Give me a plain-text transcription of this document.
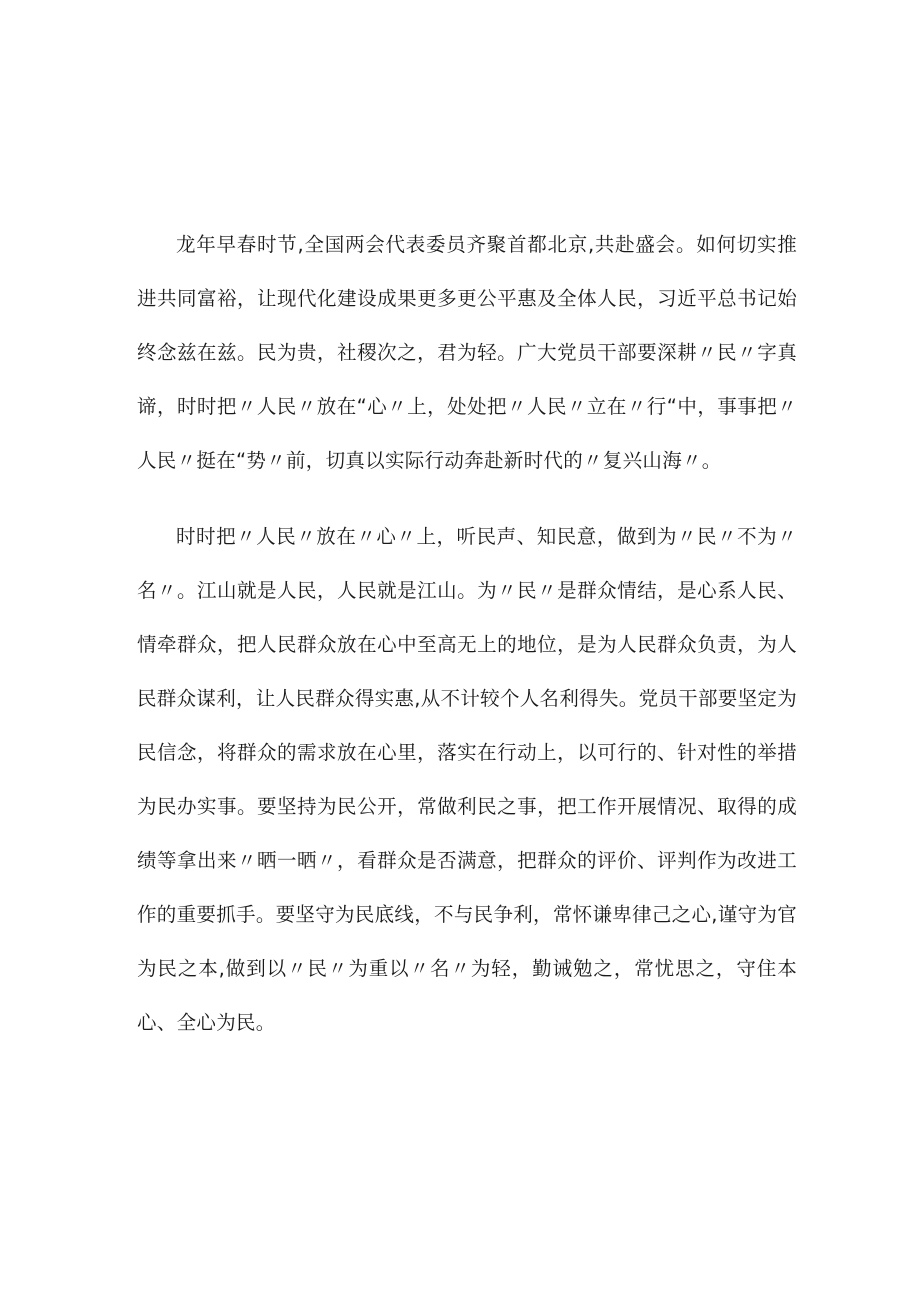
龙年早春时节,全国两会代表委员齐聚首都北京,共赴盛会。如何切实推进共同富裕，让现代化建设成果更多更公平惠及全体人民，习近平总书记始终念兹在兹。民为贵，社稷次之，君为轻。广大党员干部要深耕〃民〃字真谛，时时把〃人民〃放在“心〃上，处处把〃人民〃立在〃行“中，事事把〃人民〃挺在“势〃前，切真以实际行动奔赴新时代的〃复兴山海〃。

时时把〃人民〃放在〃心〃上，听民声、知民意，做到为〃民〃不为〃名〃。江山就是人民，人民就是江山。为〃民〃是群众情结，是心系人民、情牵群众，把人民群众放在心中至高无上的地位，是为人民群众负责，为人民群众谋利，让人民群众得实惠,从不计较个人名利得失。党员干部要坚定为民信念，将群众的需求放在心里，落实在行动上，以可行的、针对性的举措为民办实事。要坚持为民公开，常做利民之事，把工作开展情况、取得的成绩等拿出来〃晒一晒〃，看群众是否满意，把群众的评价、评判作为改进工作的重要抓手。要坚守为民底线，不与民争利，常怀谦卑律己之心,谨守为官为民之本,做到以〃民〃为重以〃名〃为轻，勤诫勉之，常忧思之，守住本心、全心为民。
